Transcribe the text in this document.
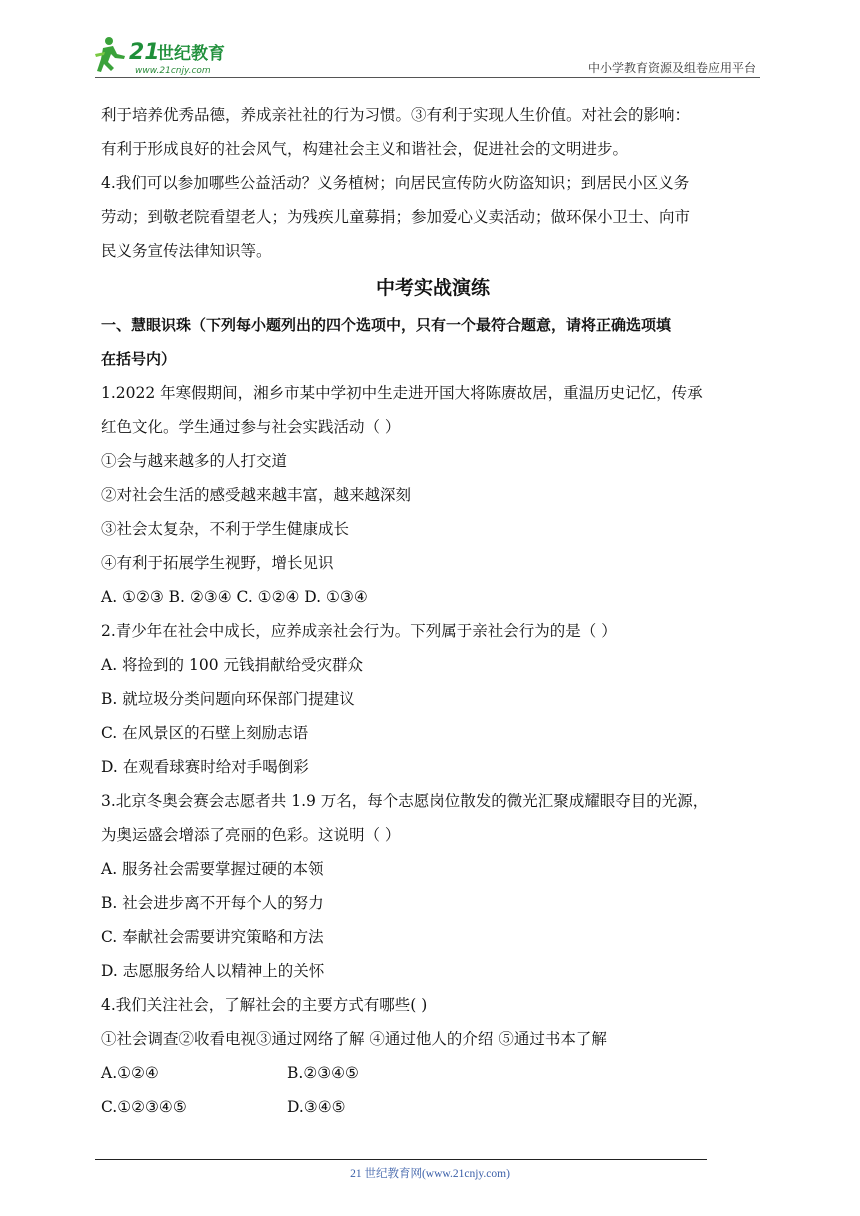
21
世纪教育
www.21cnjy.com	中小学教育资源及组卷应用平台
利于培养优秀品德，养成亲社社的行为习惯。③有利于实现人生价值。对社会的影响：
有利于形成良好的社会风气，构建社会主义和谐社会，促进社会的文明进步。
4.我们可以参加哪些公益活动？义务植树；向居民宣传防火防盗知识；到居民小区义务
劳动；到敬老院看望老人；为残疾儿童募捐；参加爱心义卖活动；做环保小卫士、向市
民义务宣传法律知识等。
中考实战演练
一、慧眼识珠（下列每小题列出的四个选项中，只有一个最符合题意，请将正确选项填
在括号内）
1.2022 年寒假期间，湘乡市某中学初中生走进开国大将陈赓故居，重温历史记忆，传承
红色文化。学生通过参与社会实践活动（ ）
①会与越来越多的人打交道
②对社会生活的感受越来越丰富，越来越深刻
③社会太复杂，不利于学生健康成长
④有利于拓展学生视野，增长见识
A. ①②③ B. ②③④ C. ①②④ D. ①③④
2.青少年在社会中成长，应养成亲社会行为。下列属于亲社会行为的是（ ）
A. 将捡到的 100 元钱捐献给受灾群众
B. 就垃圾分类问题向环保部门提建议
C. 在风景区的石壁上刻励志语
D. 在观看球赛时给对手喝倒彩
3.北京冬奥会赛会志愿者共 1.9 万名，每个志愿岗位散发的微光汇聚成耀眼夺目的光源，
为奥运盛会增添了亮丽的色彩。这说明（ ）
A. 服务社会需要掌握过硬的本领
B. 社会进步离不开每个人的努力
C. 奉献社会需要讲究策略和方法
D. 志愿服务给人以精神上的关怀
4.我们关注社会，了解社会的主要方式有哪些( )
①社会调查②收看电视③通过网络了解 ④通过他人的介绍 ⑤通过书本了解
A.①②④	B.②③④⑤
C.①②③④⑤	D.③④⑤
21 世纪教育网(www.21cnjy.com)
